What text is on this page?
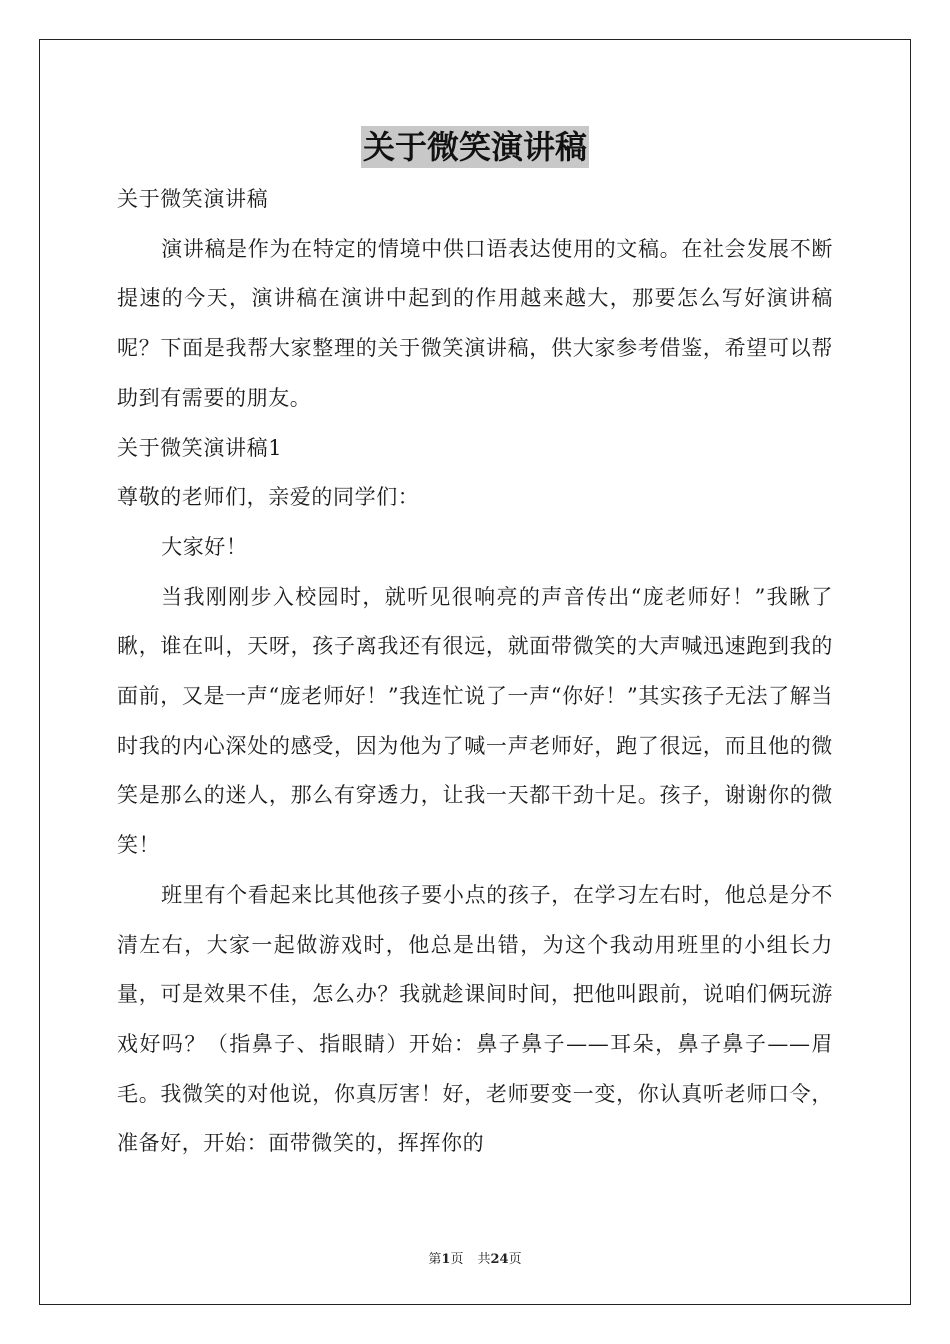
关于微笑演讲稿

关于微笑演讲稿

演讲稿是作为在特定的情境中供口语表达使用的文稿。在社会发展不断提速的今天，演讲稿在演讲中起到的作用越来越大，那要怎么写好演讲稿呢？下面是我帮大家整理的关于微笑演讲稿，供大家参考借鉴，希望可以帮助到有需要的朋友。

关于微笑演讲稿1

尊敬的老师们，亲爱的同学们：

大家好！

当我刚刚步入校园时，就听见很响亮的声音传出“庞老师好！”我瞅了瞅，谁在叫，天呀，孩子离我还有很远，就面带微笑的大声喊迅速跑到我的面前，又是一声“庞老师好！”我连忙说了一声“你好！”其实孩子无法了解当时我的内心深处的感受，因为他为了喊一声老师好，跑了很远，而且他的微笑是那么的迷人，那么有穿透力，让我一天都干劲十足。孩子，谢谢你的微笑！

班里有个看起来比其他孩子要小点的孩子，在学习左右时，他总是分不清左右，大家一起做游戏时，他总是出错，为这个我动用班里的小组长力量，可是效果不佳，怎么办？我就趁课间时间，把他叫跟前，说咱们俩玩游戏好吗？（指鼻子、指眼睛）开始：鼻子鼻子——耳朵，鼻子鼻子——眉毛。我微笑的对他说，你真厉害！好，老师要变一变，你认真听老师口令，准备好，开始：面带微笑的，挥挥你的

第1页 共24页
